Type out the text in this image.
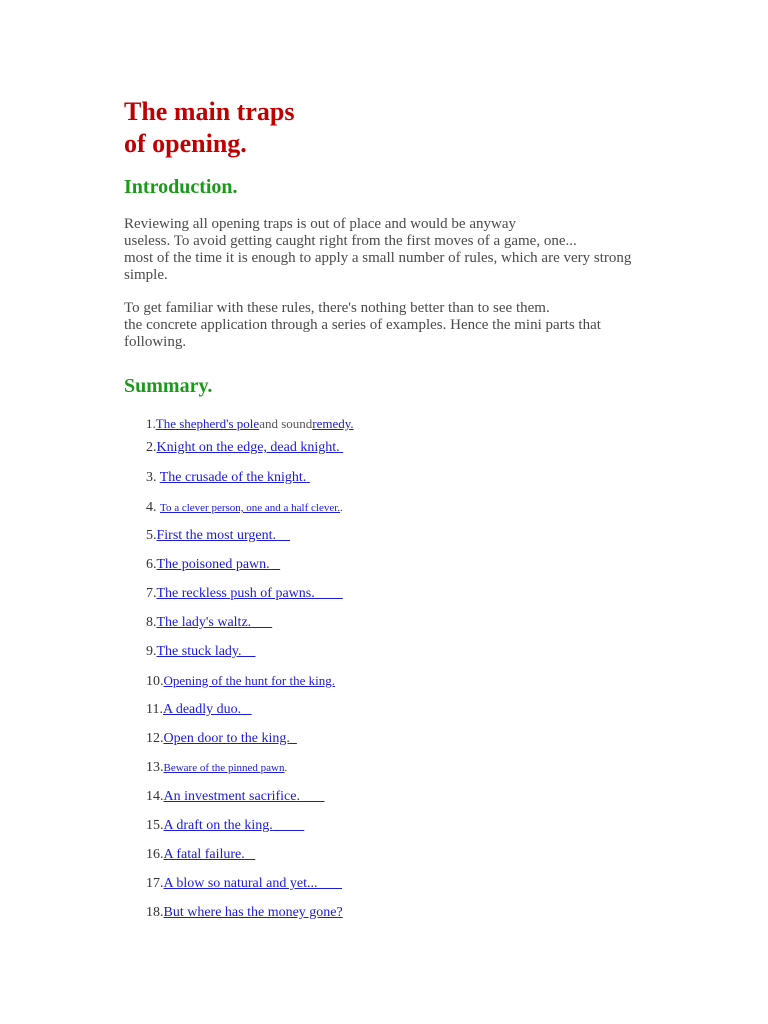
The main traps
of opening.
Introduction.

Reviewing all opening traps is out of place and would be anyway
useless. To avoid getting caught right from the first moves of a game, one...
most of the time it is enough to apply a small number of rules, which are very strong
simple.

To get familiar with these rules, there's nothing better than to see them.
the concrete application through a series of examples. Hence the mini parts that
following.

Summary.
1.The shepherd's poleand soundremedy.
2.Knight on the edge, dead knight.
3. The crusade of the knight.
4. To a clever person, one and a half clever..
5.First the most urgent.
6.The poisoned pawn.
7.The reckless push of pawns.
8.The lady's waltz.
9.The stuck lady.
10.Opening of the hunt for the king.
11.A deadly duo.
12.Open door to the king.
13.Beware of the pinned pawn.
14.An investment sacrifice.
15.A draft on the king.
16.A fatal failure.
17.A blow so natural and yet...
18.But where has the money gone?
